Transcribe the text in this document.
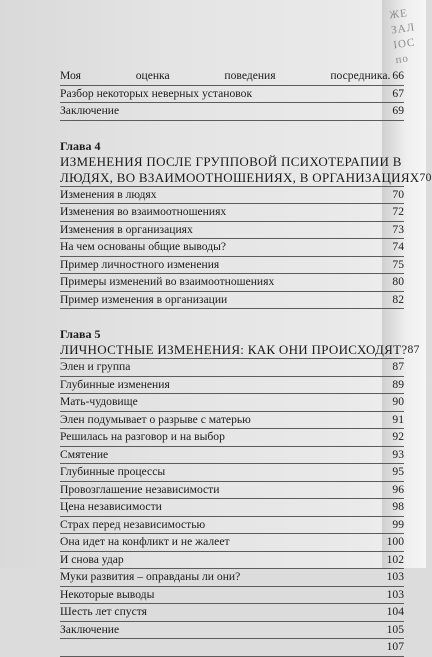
ЖЕ
ЗАЛ
IOC
по
Моя	оценка	поведения	посредника. 66
Разбор некоторых неверных установок	67
Заключение	69
Глава 4
ИЗМЕНЕНИЯ ПОСЛЕ ГРУППОВОЙ ПСИХОТЕРАПИИ В
ЛЮДЯХ, ВО ВЗАИМООТНОШЕНИЯХ, В ОРГАНИЗАЦИЯХ 70
Изменения в людях	70
Изменения во взаимоотношениях	72
Изменения в организациях	73
На чем основаны общие выводы?	74
Пример личностного изменения	75
Примеры изменений во взаимоотношениях	80
Пример изменения в организации	82
Глава 5
ЛИЧНОСТНЫЕ ИЗМЕНЕНИЯ: КАК ОНИ ПРОИСХОДЯТ? 87
Элен и группа	87
Глубинные изменения	89
Мать-чудовище	90
Элен подумывает о разрыве с матерью	91
Решилась на разговор и на выбор	92
Смятение	93
Глубинные процессы	95
Провозглашение независимости	96
Цена независимости	98
Страх перед независимостью	99
Она идет на конфликт и не жалеет	100
И снова удар	102
Муки развития – оправданы ли они?	103
Некоторые выводы	103
Шесть лет спустя	104
Заключение	105
107
